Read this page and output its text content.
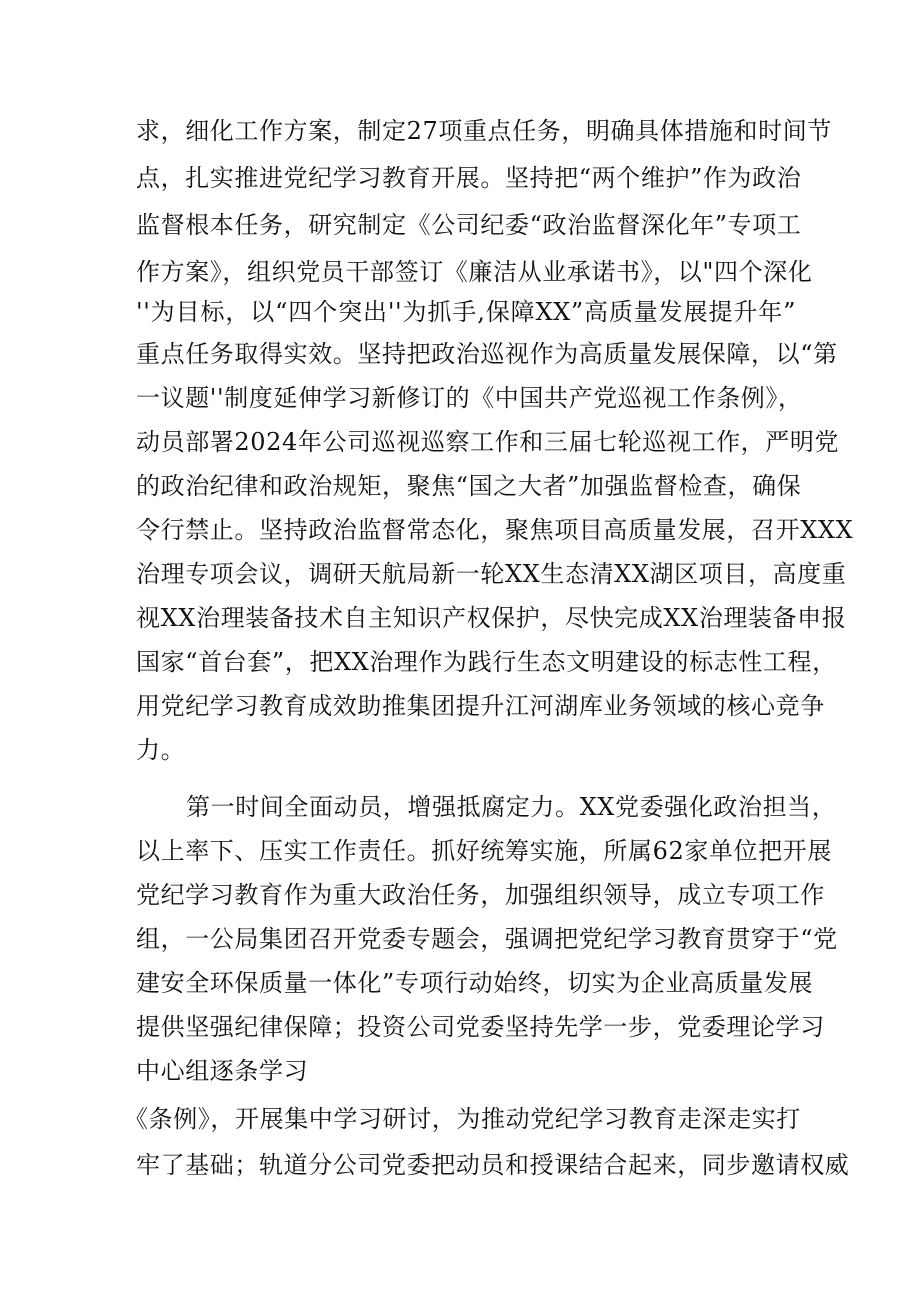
求，细化工作方案，制定27项重点任务，明确具体措施和时间节
点，扎实推进党纪学习教育开展。坚持把“两个维护”作为政治
监督根本任务，研究制定《公司纪委“政治监督深化年”专项工
作方案》，组织党员干部签订《廉洁从业承诺书》，以"四个深化
''为目标，以“四个突出''为抓手,保障XX”高质量发展提升年”
重点任务取得实效。坚持把政治巡视作为高质量发展保障，以“第
一议题''制度延伸学习新修订的《中国共产党巡视工作条例》，
动员部署2024年公司巡视巡察工作和三届七轮巡视工作，严明党
的政治纪律和政治规矩，聚焦“国之大者”加强监督检查，确保
令行禁止。坚持政治监督常态化，聚焦项目高质量发展，召开XXX
治理专项会议，调研天航局新一轮XX生态清XX湖区项目，高度重
视XX治理装备技术自主知识产权保护，尽快完成XX治理装备申报
国家“首台套”，把XX治理作为践行生态文明建设的标志性工程，
用党纪学习教育成效助推集团提升江河湖库业务领域的核心竞争
力。
第一时间全面动员，增强抵腐定力。XX党委强化政治担当，
以上率下、压实工作责任。抓好统筹实施，所属62家单位把开展
党纪学习教育作为重大政治任务，加强组织领导，成立专项工作
组，一公局集团召开党委专题会，强调把党纪学习教育贯穿于“党
建安全环保质量一体化”专项行动始终，切实为企业高质量发展
提供坚强纪律保障；投资公司党委坚持先学一步，党委理论学习
中心组逐条学习
《条例》，开展集中学习研讨，为推动党纪学习教育走深走实打
牢了基础；轨道分公司党委把动员和授课结合起来，同步邀请权威
